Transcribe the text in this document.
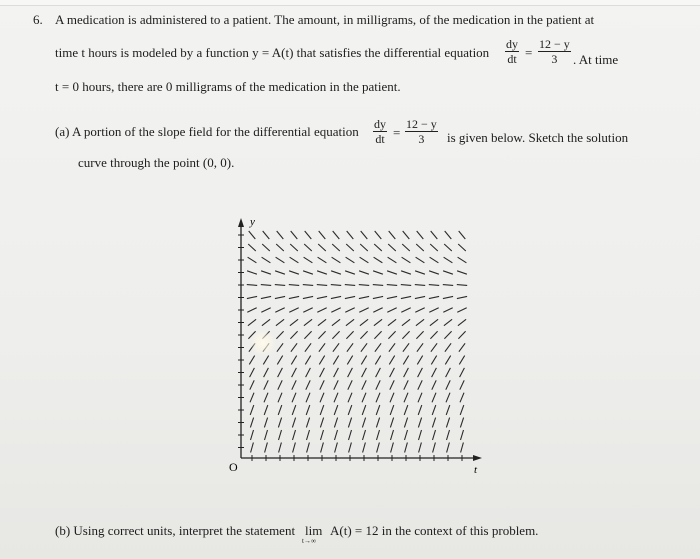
6. A medication is administered to a patient. The amount, in milligrams, of the medication in the patient at
time t hours is modeled by a function y = A(t) that satisfies the differential equation $\frac{dy}{dt} = \frac{12 - y}{3}$ . At time
t = 0 hours, there are 0 milligrams of the medication in the patient.
(a) A portion of the slope field for the differential equation $\frac{dy}{dt} = \frac{12 - y}{3}$ is given below. Sketch the solution
curve through the point (0, 0).
y
t
O
(b) Using correct units, interpret the statement lim
t→∞
A(t) = 12 in the context of this problem.
